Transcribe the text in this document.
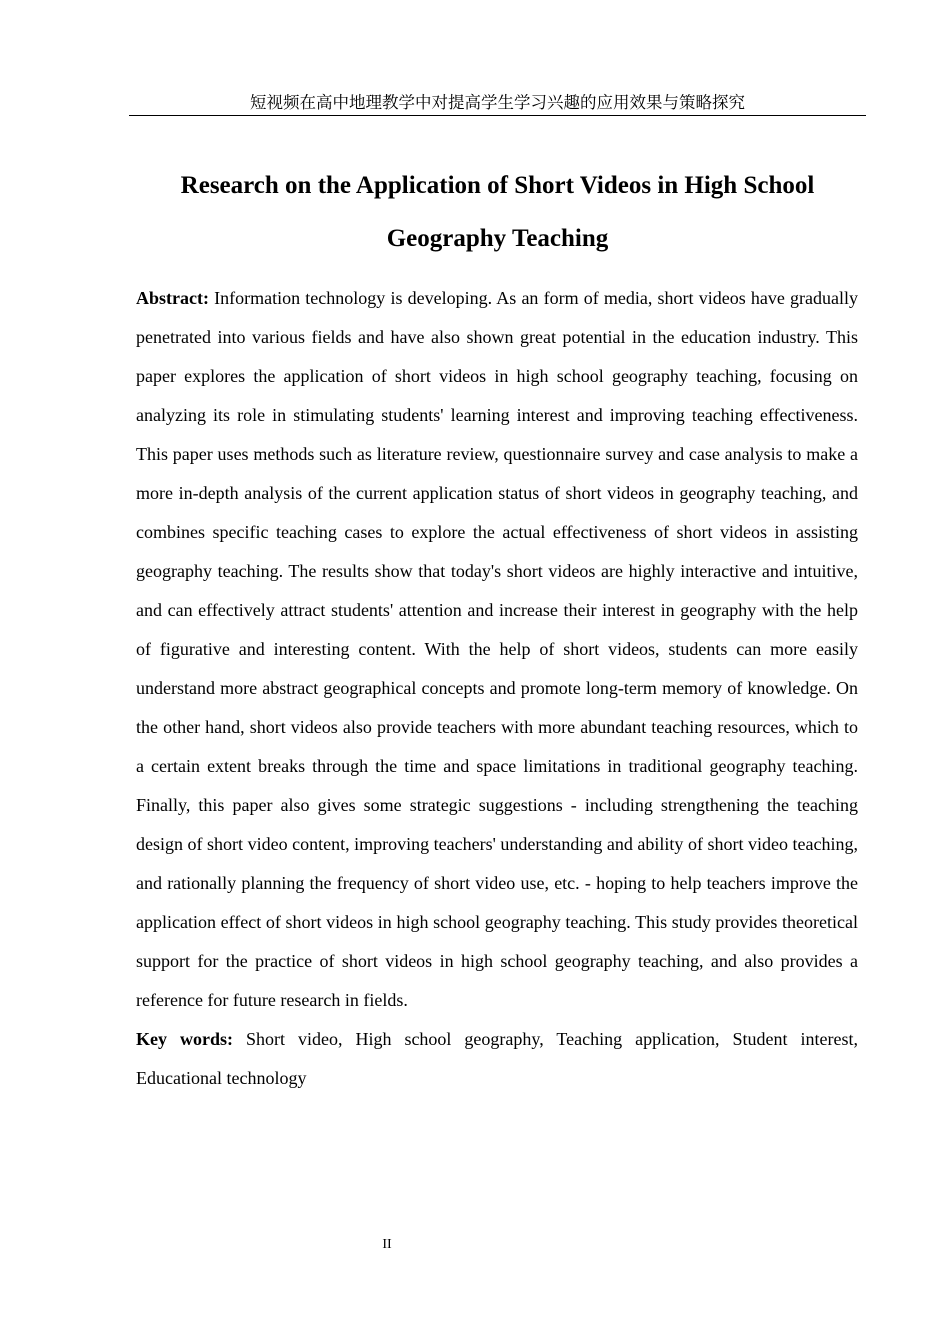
短视频在高中地理教学中对提高学生学习兴趣的应用效果与策略探究
Research on the Application of Short Videos in High School
Geography Teaching

Abstract: Information technology is developing. As an form of media, short videos have gradually penetrated into various fields and have also shown great potential in the education industry. This paper explores the application of short videos in high school geography teaching, focusing on analyzing its role in stimulating students' learning interest and improving teaching effectiveness. This paper uses methods such as literature review, questionnaire survey and case analysis to make a more in-depth analysis of the current application status of short videos in geography teaching, and combines specific teaching cases to explore the actual effectiveness of short videos in assisting geography teaching. The results show that today's short videos are highly interactive and intuitive, and can effectively attract students' attention and increase their interest in geography with the help of figurative and interesting content. With the help of short videos, students can more easily understand more abstract geographical concepts and promote long-term memory of knowledge. On the other hand, short videos also provide teachers with more abundant teaching resources, which to a certain extent breaks through the time and space limitations in traditional geography teaching. Finally, this paper also gives some strategic suggestions - including strengthening the teaching design of short video content, improving teachers' understanding and ability of short video teaching, and rationally planning the frequency of short video use, etc. - hoping to help teachers improve the application effect of short videos in high school geography teaching. This study provides theoretical support for the practice of short videos in high school geography teaching, and also provides a reference for future research in fields.

Key words: Short video, High school geography, Teaching application, Student interest, Educational technology

II
